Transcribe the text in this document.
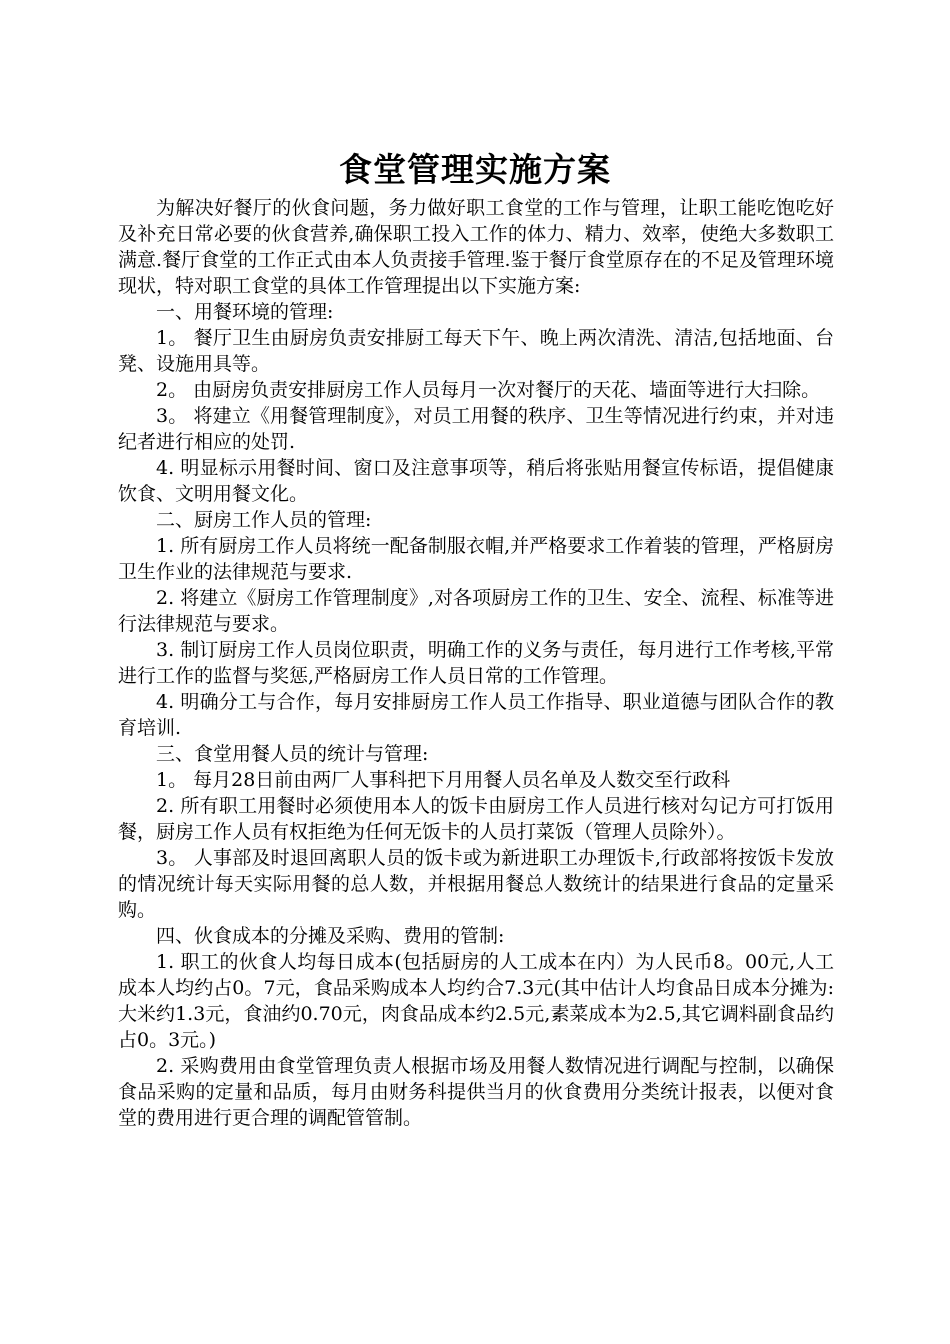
食堂管理实施方案

为解决好餐厅的伙食问题，务力做好职工食堂的工作与管理，让职工能吃饱吃好及补充日常必要的伙食营养,确保职工投入工作的体力、精力、效率，使绝大多数职工满意.餐厅食堂的工作正式由本人负责接手管理.鉴于餐厅食堂原存在的不足及管理环境现状，特对职工食堂的具体工作管理提出以下实施方案:

一、用餐环境的管理:

1。 餐厅卫生由厨房负责安排厨工每天下午、晚上两次清洗、清洁,包括地面、台凳、设施用具等。

2。 由厨房负责安排厨房工作人员每月一次对餐厅的天花、墙面等进行大扫除。

3。 将建立《用餐管理制度》，对员工用餐的秩序、卫生等情况进行约束，并对违纪者进行相应的处罚.

4. 明显标示用餐时间、窗口及注意事项等，稍后将张贴用餐宣传标语，提倡健康饮食、文明用餐文化。

二、厨房工作人员的管理:

1. 所有厨房工作人员将统一配备制服衣帽,并严格要求工作着装的管理，严格厨房卫生作业的法律规范与要求.

2. 将建立《厨房工作管理制度》,对各项厨房工作的卫生、安全、流程、标准等进行法律规范与要求。

3. 制订厨房工作人员岗位职责，明确工作的义务与责任，每月进行工作考核,平常进行工作的监督与奖惩,严格厨房工作人员日常的工作管理。

4. 明确分工与合作，每月安排厨房工作人员工作指导、职业道德与团队合作的教育培训.

三、食堂用餐人员的统计与管理:

1。 每月28日前由两厂人事科把下月用餐人员名单及人数交至行政科

2. 所有职工用餐时必须使用本人的饭卡由厨房工作人员进行核对勾记方可打饭用餐，厨房工作人员有权拒绝为任何无饭卡的人员打菜饭（管理人员除外）。

3。 人事部及时退回离职人员的饭卡或为新进职工办理饭卡,行政部将按饭卡发放的情况统计每天实际用餐的总人数，并根据用餐总人数统计的结果进行食品的定量采购。

四、伙食成本的分摊及采购、费用的管制:

1. 职工的伙食人均每日成本(包括厨房的人工成本在内）为人民币8。00元,人工成本人均约占0。7元，食品采购成本人均约合7.3元(其中估计人均食品日成本分摊为:大米约1.3元，食油约0.70元，肉食品成本约2.5元,素菜成本为2.5,其它调料副食品约占0。3元。)

2. 采购费用由食堂管理负责人根据市场及用餐人数情况进行调配与控制，以确保食品采购的定量和品质，每月由财务科提供当月的伙食费用分类统计报表，以便对食堂的费用进行更合理的调配管管制。
